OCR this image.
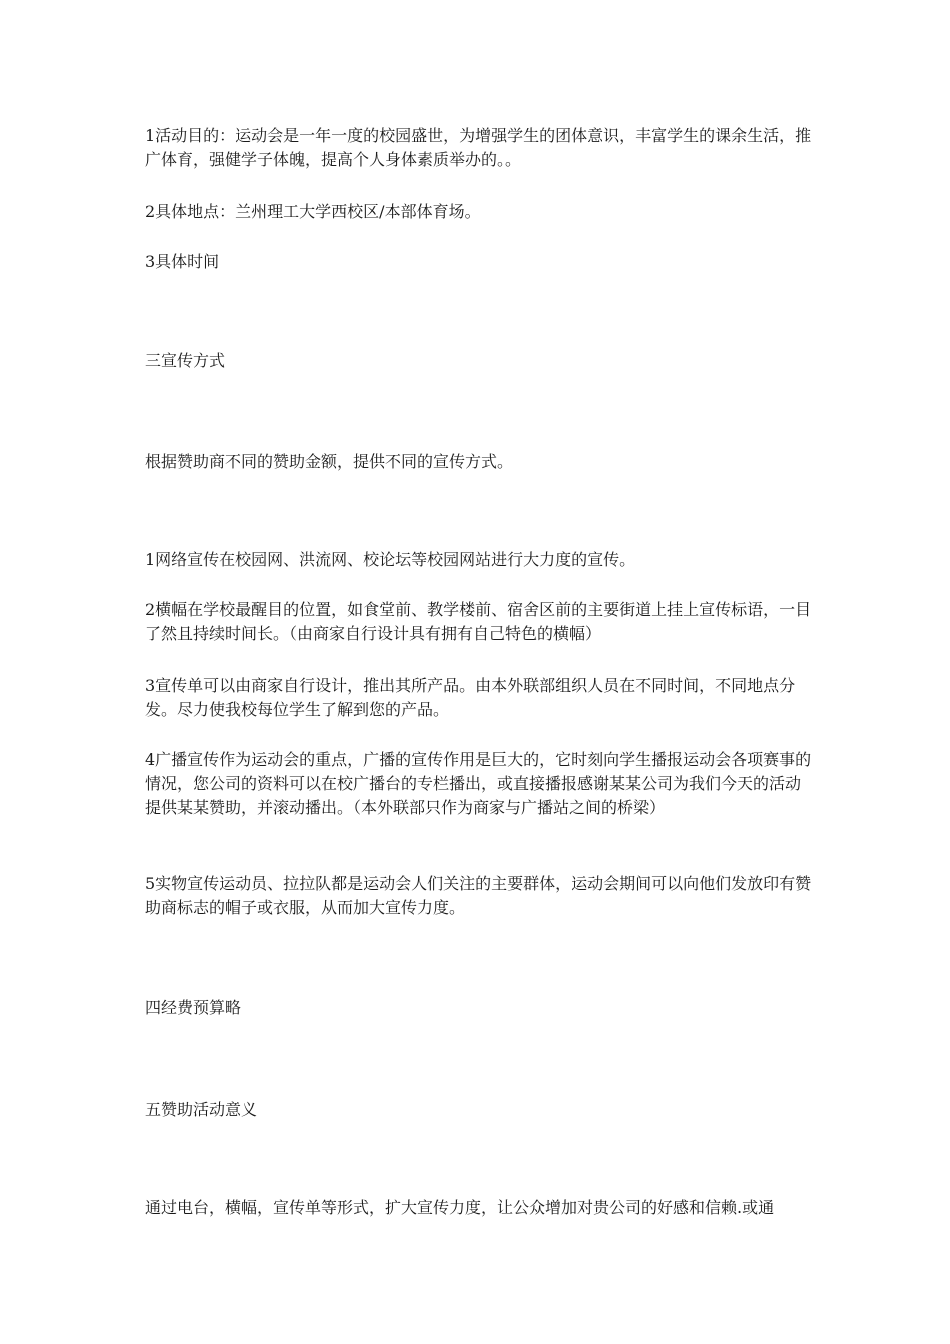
1活动目的：运动会是一年一度的校园盛世，为增强学生的团体意识，丰富学生的课余生活，推广体育，强健学子体魄，提高个人身体素质举办的。。

2具体地点：兰州理工大学西校区/本部体育场。

3具体时间

三宣传方式

根据赞助商不同的赞助金额，提供不同的宣传方式。

1网络宣传在校园网、洪流网、校论坛等校园网站进行大力度的宣传。

2横幅在学校最醒目的位置，如食堂前、教学楼前、宿舍区前的主要街道上挂上宣传标语，一目了然且持续时间长。（由商家自行设计具有拥有自己特色的横幅）

3宣传单可以由商家自行设计，推出其所产品。由本外联部组织人员在不同时间，不同地点分发。尽力使我校每位学生了解到您的产品。

4广播宣传作为运动会的重点，广播的宣传作用是巨大的，它时刻向学生播报运动会各项赛事的情况，您公司的资料可以在校广播台的专栏播出，或直接播报感谢某某公司为我们今天的活动提供某某赞助，并滚动播出。（本外联部只作为商家与广播站之间的桥梁）

5实物宣传运动员、拉拉队都是运动会人们关注的主要群体，运动会期间可以向他们发放印有赞助商标志的帽子或衣服，从而加大宣传力度。

四经费预算略

五赞助活动意义

通过电台，横幅，宣传单等形式，扩大宣传力度，让公众增加对贵公司的好感和信赖.或通
